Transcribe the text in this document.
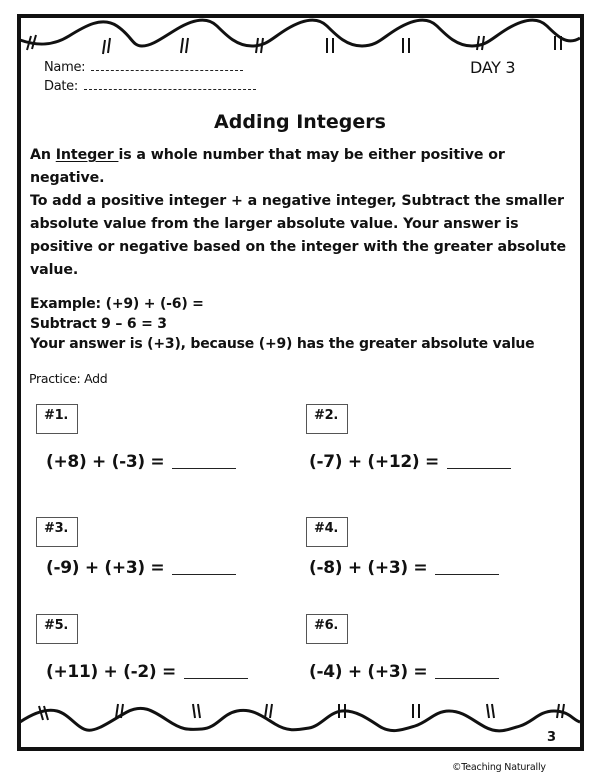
Name:
Date:
DAY 3
Adding Integers
An Integer is a whole number that may be either positive or negative.
To add a positive integer + a negative integer, Subtract the smaller absolute value from the larger absolute value. Your answer is positive or negative based on the integer with the greater absolute value.
Example: (+9) + (-6) =
Subtract 9 – 6 = 3
Your answer is (+3), because (+9) has the greater absolute value
Practice: Add
#1.
(+8) + (-3) =
#2.
(-7) + (+12) =
#3.
(-9) + (+3) =
#4.
(-8) + (+3) =
#5.
(+11) + (-2) =
#6.
(-4) + (+3) =
3
©Teaching Naturally
